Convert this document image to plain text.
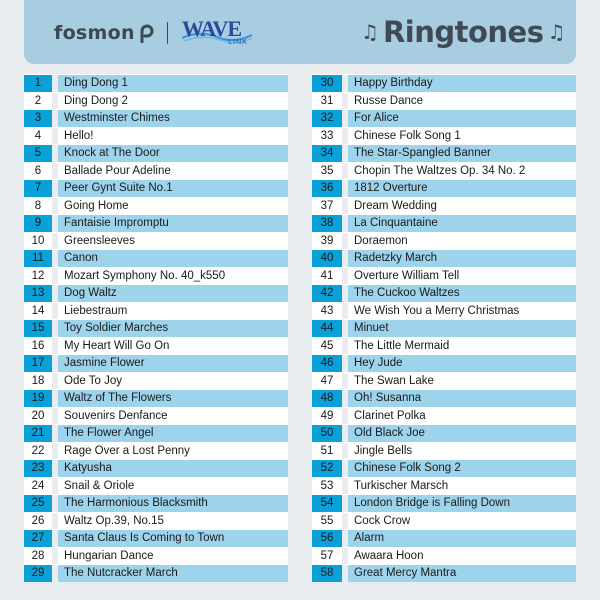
fosmon WAVE
LINK	♫ Ringtones ♫
1	Ding Dong 1
2	Ding Dong 2
3	Westminster Chimes
4	Hello!
5	Knock at The Door
6	Ballade Pour Adeline
7	Peer Gynt Suite No.1
8	Going Home
9	Fantaisie Impromptu
10	Greensleeves
11	Canon
12	Mozart Symphony No. 40_k550
13	Dog Waltz
14	Liebestraum
15	Toy Soldier Marches
16	My Heart Will Go On
17	Jasmine Flower
18	Ode To Joy
19	Waltz of The Flowers
20	Souvenirs Denfance
21	The Flower Angel
22	Rage Over a Lost Penny
23	Katyusha
24	Snail & Oriole
25	The Harmonious Blacksmith
26	Waltz Op.39, No.15
27	Santa Claus Is Coming to Town
28	Hungarian Dance
29	The Nutcracker March
30	Happy Birthday
31	Russe Dance
32	For Alice
33	Chinese Folk Song 1
34	The Star-Spangled Banner
35	Chopin The Waltzes Op. 34 No. 2
36	1812 Overture
37	Dream Wedding
38	La Cinquantaine
39	Doraemon
40	Radetzky March
41	Overture William Tell
42	The Cuckoo Waltzes
43	We Wish You a Merry Christmas
44	Minuet
45	The Little Mermaid
46	Hey Jude
47	The Swan Lake
48	Oh! Susanna
49	Clarinet Polka
50	Old Black Joe
51	Jingle Bells
52	Chinese Folk Song 2
53	Turkischer Marsch
54	London Bridge is Falling Down
55	Cock Crow
56	Alarm
57	Awaara Hoon
58	Great Mercy Mantra
